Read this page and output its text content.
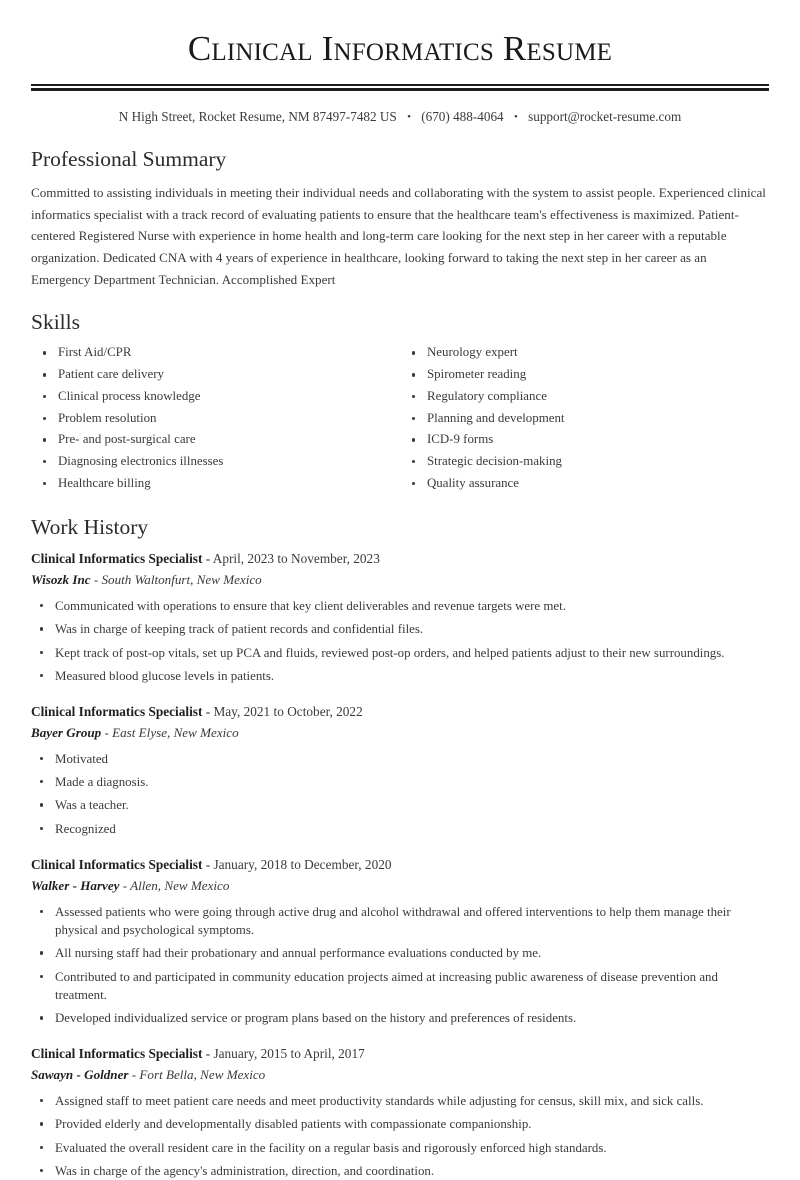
Clinical Informatics Resume
N High Street, Rocket Resume, NM 87497-7482 US • (670) 488-4064 • support@rocket-resume.com
Professional Summary

Committed to assisting individuals in meeting their individual needs and collaborating with the system to assist people. Experienced clinical informatics specialist with a track record of evaluating patients to ensure that the healthcare team's effectiveness is maximized. Patient-centered Registered Nurse with experience in home health and long-term care looking for the next step in her career with a reputable organization. Dedicated CNA with 4 years of experience in healthcare, looking forward to taking the next step in her career as an Emergency Department Technician. Accomplished Expert

Skills
First Aid/CPR
Patient care delivery
Clinical process knowledge
Problem resolution
Pre- and post-surgical care
Diagnosing electronics illnesses
Healthcare billing
Neurology expert
Spirometer reading
Regulatory compliance
Planning and development
ICD-9 forms
Strategic decision-making
Quality assurance
Work History
Clinical Informatics Specialist - April, 2023 to November, 2023
Wisozk Inc - South Waltonfurt, New Mexico
Communicated with operations to ensure that key client deliverables and revenue targets were met.
Was in charge of keeping track of patient records and confidential files.
Kept track of post-op vitals, set up PCA and fluids, reviewed post-op orders, and helped patients adjust to their new surroundings.
Measured blood glucose levels in patients.
Clinical Informatics Specialist - May, 2021 to October, 2022
Bayer Group - East Elyse, New Mexico
Motivated
Made a diagnosis.
Was a teacher.
Recognized
Clinical Informatics Specialist - January, 2018 to December, 2020
Walker - Harvey - Allen, New Mexico
Assessed patients who were going through active drug and alcohol withdrawal and offered interventions to help them manage their physical and psychological symptoms.
All nursing staff had their probationary and annual performance evaluations conducted by me.
Contributed to and participated in community education projects aimed at increasing public awareness of disease prevention and treatment.
Developed individualized service or program plans based on the history and preferences of residents.
Clinical Informatics Specialist - January, 2015 to April, 2017
Sawayn - Goldner - Fort Bella, New Mexico
Assigned staff to meet patient care needs and meet productivity standards while adjusting for census, skill mix, and sick calls.
Provided elderly and developmentally disabled patients with compassionate companionship.
Evaluated the overall resident care in the facility on a regular basis and rigorously enforced high standards.
Was in charge of the agency's administration, direction, and coordination.
